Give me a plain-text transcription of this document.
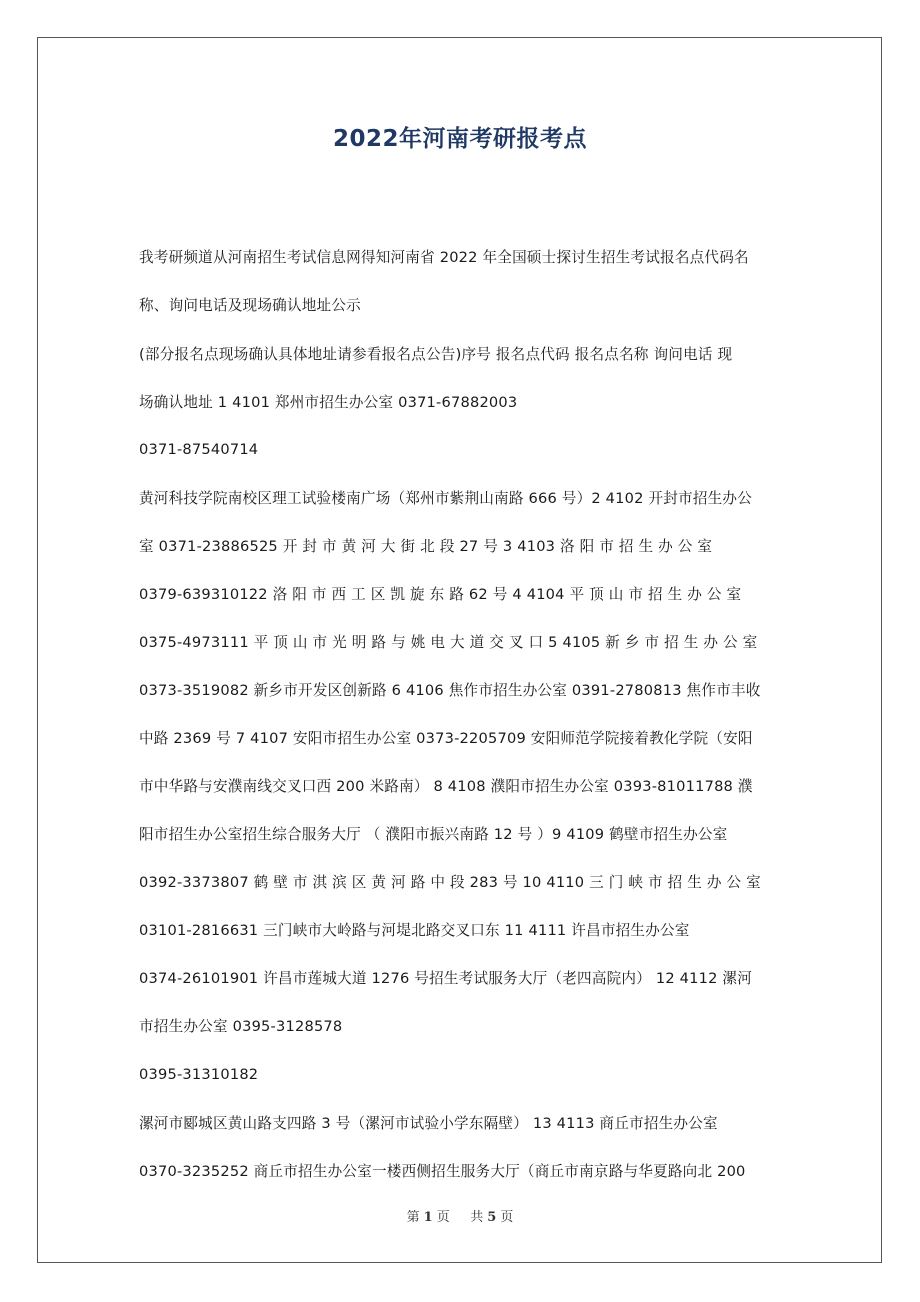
2022年河南考研报考点
我考研频道从河南招生考试信息网得知河南省 2022 年全国硕士探讨生招生考试报名点代码名
称、询问电话及现场确认地址公示
(部分报名点现场确认具体地址请参看报名点公告)序号 报名点代码 报名点名称 询问电话 现
场确认地址 1 4101 郑州市招生办公室 0371-67882003
0371-87540714
黄河科技学院南校区理工试验楼南广场（郑州市紫荆山南路 666 号）2 4102 开封市招生办公
室 0371-23886525 开 封 市 黄 河 大 街 北 段 27 号 3 4103 洛 阳 市 招 生 办 公 室
0379-639310122 洛 阳 市 西 工 区 凯 旋 东 路 62 号 4 4104 平 顶 山 市 招 生 办 公 室
0375-4973111 平 顶 山 市 光 明 路 与 姚 电 大 道 交 叉 口 5 4105 新 乡 市 招 生 办 公 室
0373-3519082 新乡市开发区创新路 6 4106 焦作市招生办公室 0391-2780813 焦作市丰收
中路 2369 号 7 4107 安阳市招生办公室 0373-2205709 安阳师范学院接着教化学院（安阳
市中华路与安濮南线交叉口西 200 米路南） 8 4108 濮阳市招生办公室 0393-81011788 濮
阳市招生办公室招生综合服务大厅 （ 濮阳市振兴南路 12 号 ）9 4109 鹤壁市招生办公室
0392-3373807 鹤 壁 市 淇 滨 区 黄 河 路 中 段 283 号 10 4110 三 门 峡 市 招 生 办 公 室
03101-2816631 三门峡市大岭路与河堤北路交叉口东 11 4111 许昌市招生办公室
0374-26101901 许昌市莲城大道 1276 号招生考试服务大厅（老四高院内） 12 4112 漯河
市招生办公室 0395-3128578
0395-31310182
漯河市郾城区黄山路支四路 3 号（漯河市试验小学东隔壁） 13 4113 商丘市招生办公室
0370-3235252 商丘市招生办公室一楼西侧招生服务大厅（商丘市南京路与华夏路向北 200
第 1 页 共 5 页
